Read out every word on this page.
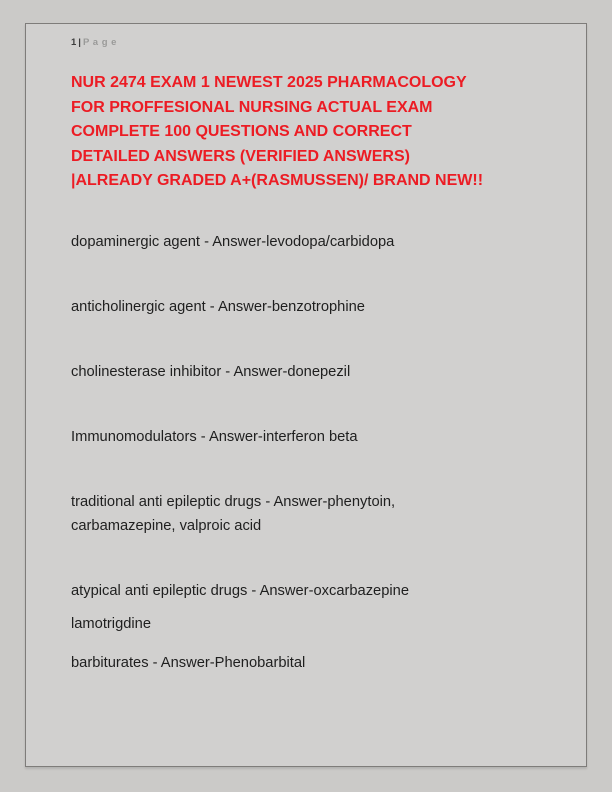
1 | P a g e
NUR 2474 EXAM 1 NEWEST 2025 PHARMACOLOGY
FOR PROFFESIONAL NURSING ACTUAL EXAM
COMPLETE 100 QUESTIONS AND CORRECT
DETAILED ANSWERS (VERIFIED ANSWERS)
|ALREADY GRADED A+(RASMUSSEN)/ BRAND NEW!!

dopaminergic agent - Answer-levodopa/carbidopa

anticholinergic agent - Answer-benzotrophine

cholinesterase inhibitor - Answer-donepezil

Immunomodulators - Answer-interferon beta

traditional anti epileptic drugs - Answer-phenytoin,
carbamazepine, valproic acid

atypical anti epileptic drugs - Answer-oxcarbazepine
lamotrigdine

barbiturates - Answer-Phenobarbital
